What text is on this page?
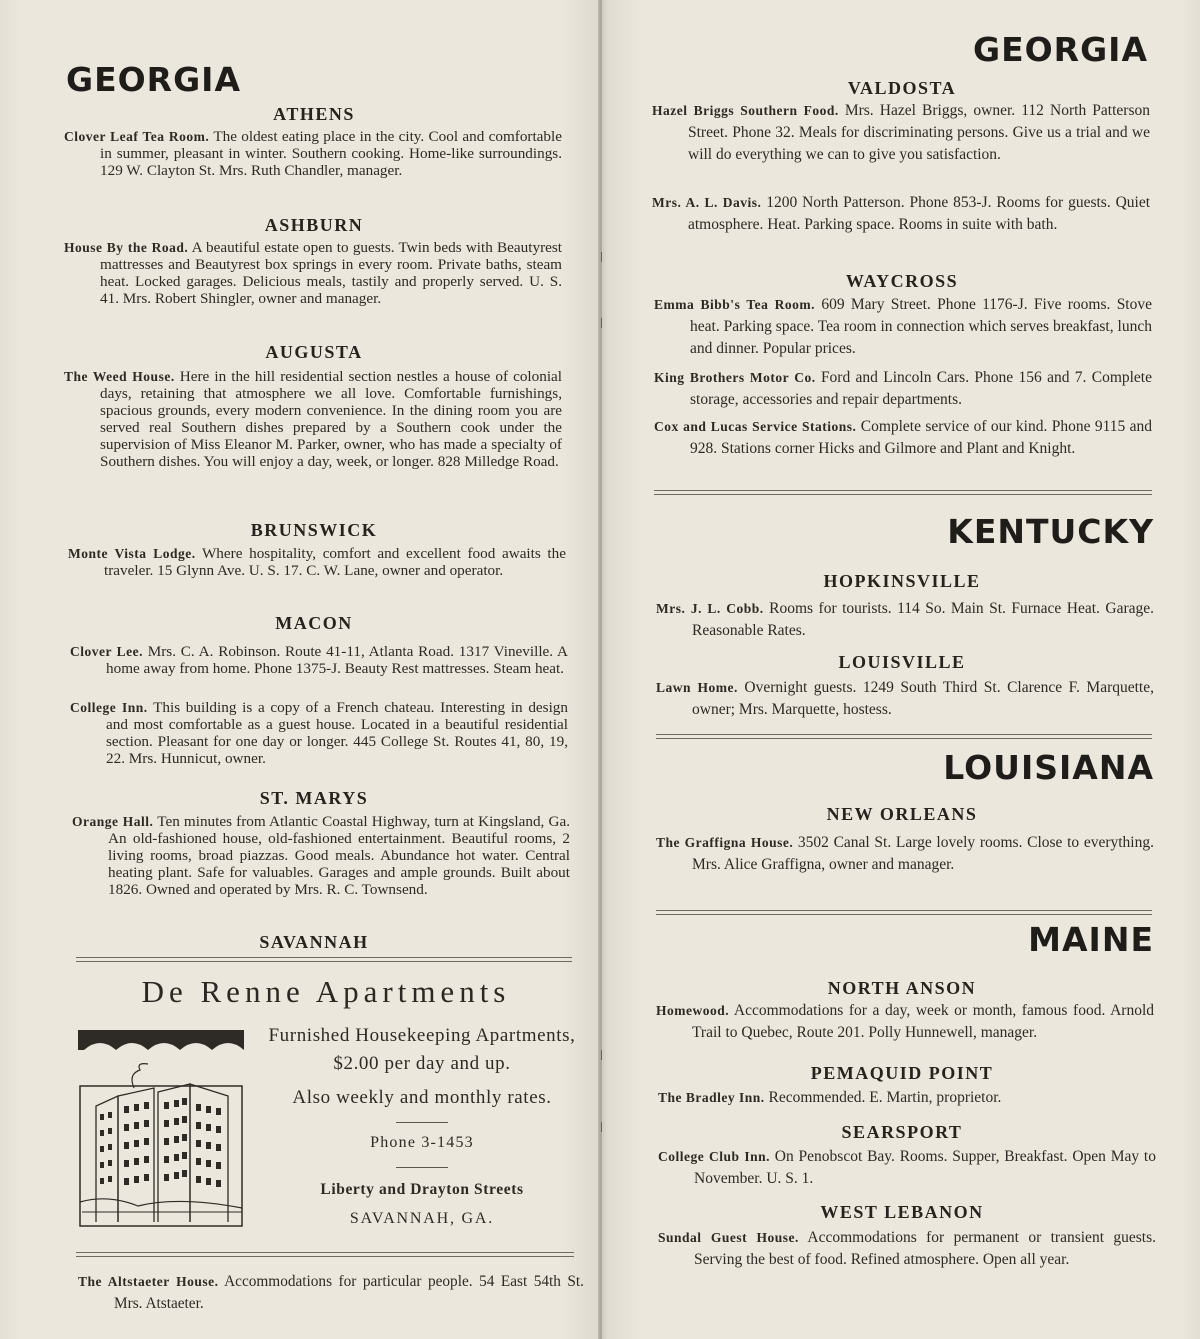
GEORGIA
ATHENS

Clover Leaf Tea Room. The oldest eating place in the city. Cool and comfortable in summer, pleasant in winter. Southern cooking. Home-like surroundings. 129 W. Clayton St. Mrs. Ruth Chandler, manager.

ASHBURN

House By the Road. A beautiful estate open to guests. Twin beds with Beautyrest mattresses and Beautyrest box springs in every room. Private baths, steam heat. Locked garages. Delicious meals, tastily and properly served. U. S. 41. Mrs. Robert Shingler, owner and manager.

AUGUSTA

The Weed House. Here in the hill residential section nestles a house of colonial days, retaining that atmosphere we all love. Comfortable furnishings, spacious grounds, every modern convenience. In the dining room you are served real Southern dishes prepared by a Southern cook under the supervision of Miss Eleanor M. Parker, owner, who has made a specialty of Southern dishes. You will enjoy a day, week, or longer. 828 Milledge Road.

BRUNSWICK

Monte Vista Lodge. Where hospitality, comfort and excellent food awaits the traveler. 15 Glynn Ave. U. S. 17. C. W. Lane, owner and operator.

MACON

Clover Lee. Mrs. C. A. Robinson. Route 41-11, Atlanta Road. 1317 Vineville. A home away from home. Phone 1375-J. Beauty Rest mattresses. Steam heat.

College Inn. This building is a copy of a French chateau. Interesting in design and most comfortable as a guest house. Located in a beautiful residential section. Pleasant for one day or longer. 445 College St. Routes 41, 80, 19, 22. Mrs. Hunnicut, owner.

ST. MARYS

Orange Hall. Ten minutes from Atlantic Coastal Highway, turn at Kingsland, Ga. An old-fashioned house, old-fashioned entertainment. Beautiful rooms, 2 living rooms, broad piazzas. Good meals. Abundance hot water. Central heating plant. Safe for valuables. Garages and ample grounds. Built about 1826. Owned and operated by Mrs. R. C. Townsend.

SAVANNAH
De Renne Apartments

Furnished Housekeeping Apartments, $2.00 per day and up.

Also weekly and monthly rates.

Phone 3-1453

Liberty and Drayton Streets

SAVANNAH, GA.

The Altstaeter House. Accommodations for particular people. 54 East 54th St. Mrs. Atstaeter.

GEORGIA
VALDOSTA

Hazel Briggs Southern Food. Mrs. Hazel Briggs, owner. 112 North Patterson Street. Phone 32. Meals for discriminating persons. Give us a trial and we will do everything we can to give you satisfaction.

Mrs. A. L. Davis. 1200 North Patterson. Phone 853-J. Rooms for guests. Quiet atmosphere. Heat. Parking space. Rooms in suite with bath.

WAYCROSS

Emma Bibb's Tea Room. 609 Mary Street. Phone 1176-J. Five rooms. Stove heat. Parking space. Tea room in connection which serves breakfast, lunch and dinner. Popular prices.

King Brothers Motor Co. Ford and Lincoln Cars. Phone 156 and 7. Complete storage, accessories and repair departments.

Cox and Lucas Service Stations. Complete service of our kind. Phone 9115 and 928. Stations corner Hicks and Gilmore and Plant and Knight.

KENTUCKY
HOPKINSVILLE

Mrs. J. L. Cobb. Rooms for tourists. 114 So. Main St. Furnace Heat. Garage. Reasonable Rates.

LOUISVILLE

Lawn Home. Overnight guests. 1249 South Third St. Clarence F. Marquette, owner; Mrs. Marquette, hostess.

LOUISIANA
NEW ORLEANS

The Graffigna House. 3502 Canal St. Large lovely rooms. Close to everything. Mrs. Alice Graffigna, owner and manager.

MAINE
NORTH ANSON

Homewood. Accommodations for a day, week or month, famous food. Arnold Trail to Quebec, Route 201. Polly Hunnewell, manager.

PEMAQUID POINT

The Bradley Inn. Recommended. E. Martin, proprietor.

SEARSPORT

College Club Inn. On Penobscot Bay. Rooms. Supper, Breakfast. Open May to November. U. S. 1.

WEST LEBANON

Sundal Guest House. Accommodations for permanent or transient guests. Serving the best of food. Refined atmosphere. Open all year.
